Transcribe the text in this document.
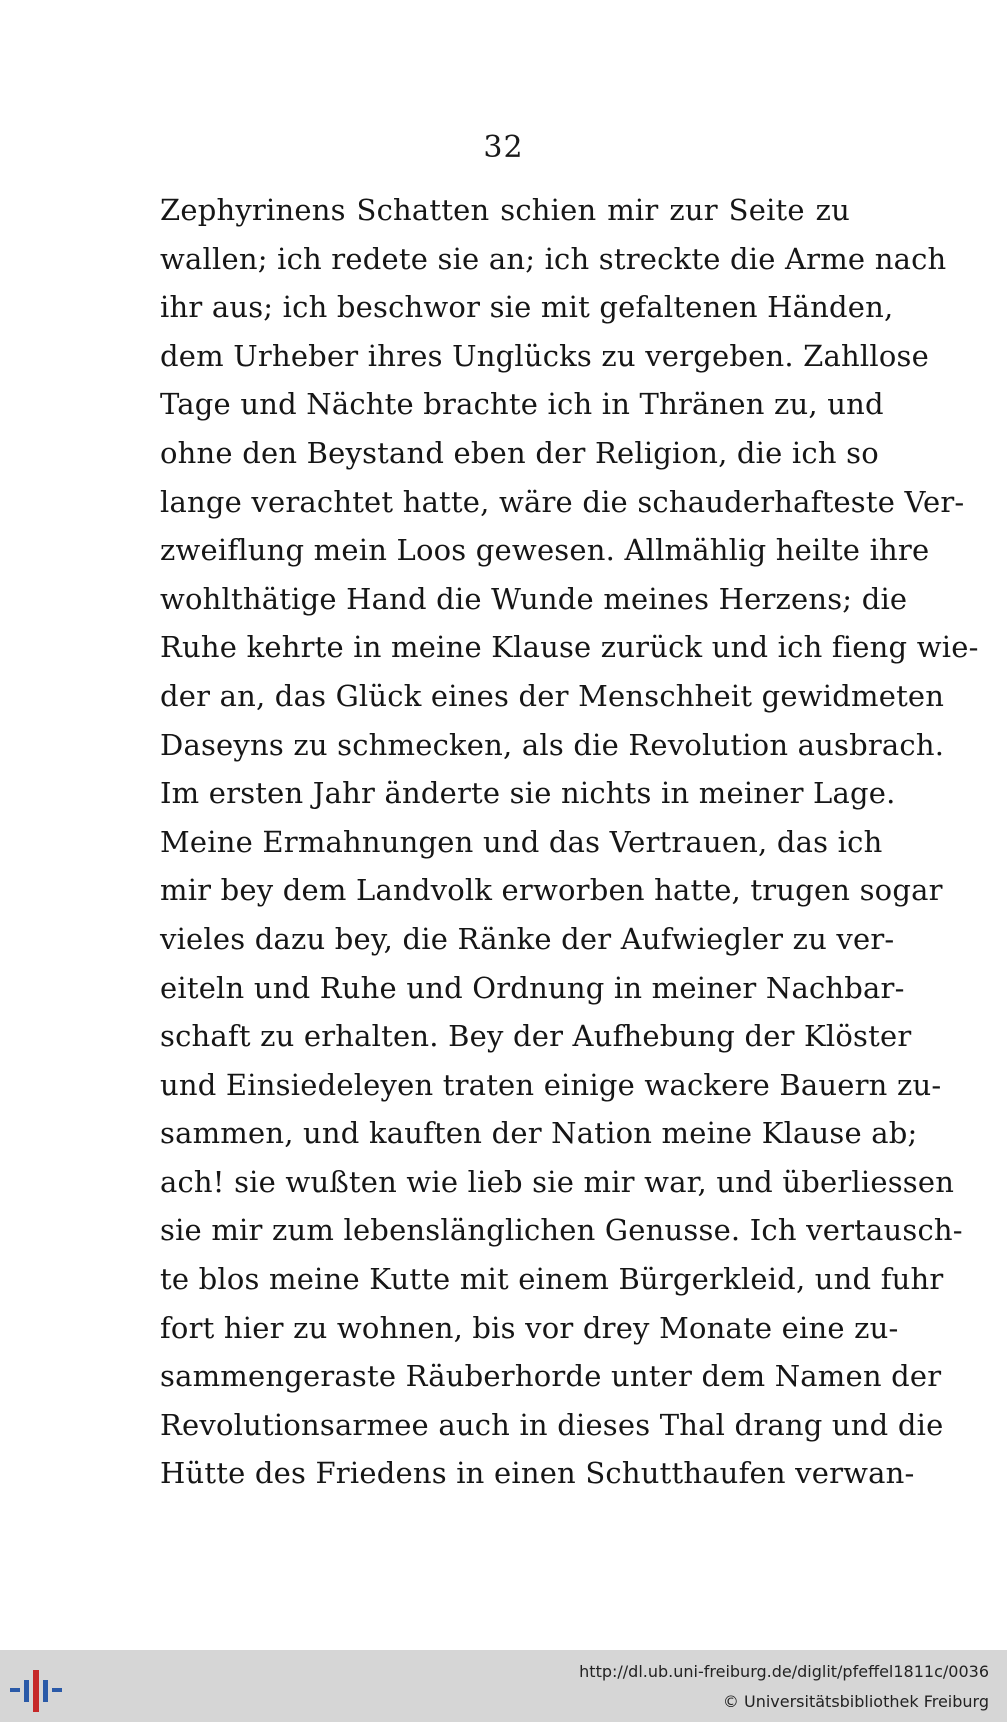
32
Zephyrinens Schatten schien mir zur Seite zu
wallen; ich redete sie an; ich streckte die Arme nach
ihr aus; ich beschwor sie mit gefaltenen Händen,
dem Urheber ihres Unglücks zu vergeben. Zahllose
Tage und Nächte brachte ich in Thränen zu, und
ohne den Beystand eben der Religion, die ich so
lange verachtet hatte, wäre die schauderhafteste Ver-
zweiflung mein Loos gewesen. Allmählig heilte ihre
wohlthätige Hand die Wunde meines Herzens; die
Ruhe kehrte in meine Klause zurück und ich fieng wie-
der an, das Glück eines der Menschheit gewidmeten
Daseyns zu schmecken, als die Revolution ausbrach.
Im ersten Jahr änderte sie nichts in meiner Lage.
Meine Ermahnungen und das Vertrauen, das ich
mir bey dem Landvolk erworben hatte, trugen sogar
vieles dazu bey, die Ränke der Aufwiegler zu ver-
eiteln und Ruhe und Ordnung in meiner Nachbar-
schaft zu erhalten. Bey der Aufhebung der Klöster
und Einsiedeleyen traten einige wackere Bauern zu-
sammen, und kauften der Nation meine Klause ab;
ach! sie wußten wie lieb sie mir war, und überliessen
sie mir zum lebenslänglichen Genusse. Ich vertausch-
te blos meine Kutte mit einem Bürgerkleid, und fuhr
fort hier zu wohnen, bis vor drey Monate eine zu-
sammengeraste Räuberhorde unter dem Namen der
Revolutionsarmee auch in dieses Thal drang und die
Hütte des Friedens in einen Schutthaufen verwan-
http://dl.ub.uni-freiburg.de/diglit/pfeffel1811c/0036
© Universitätsbibliothek Freiburg
